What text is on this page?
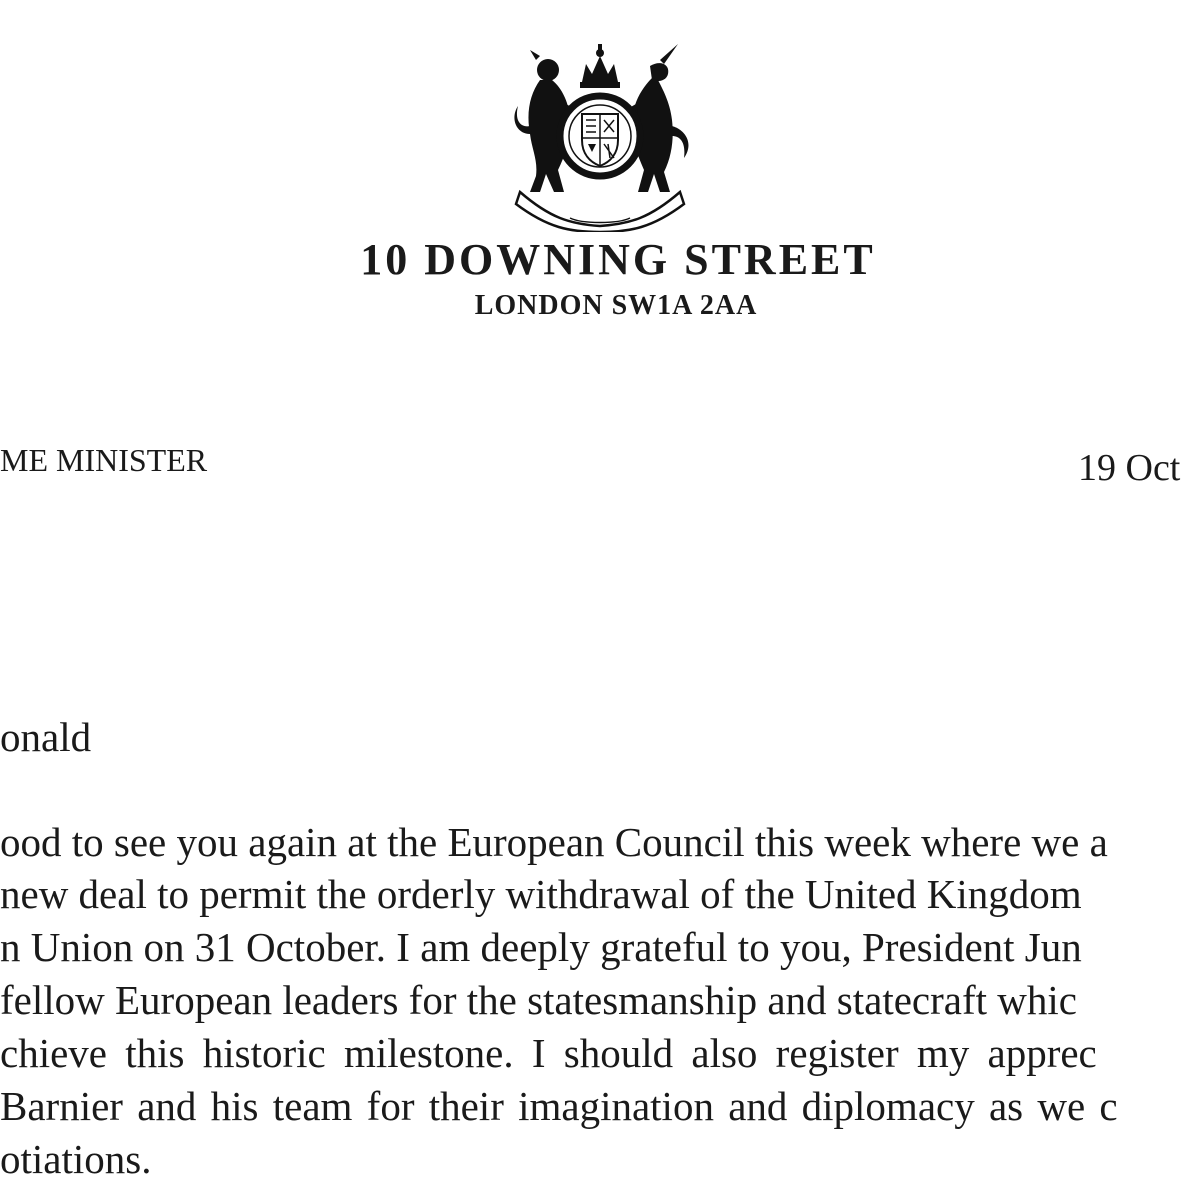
10 DOWNING STREET
LONDON SW1A 2AA
ME MINISTER	19 Oct
onald
ood to see you again at the European Council this week where we a
new deal to permit the orderly withdrawal of the United Kingdom
n Union on 31 October. I am deeply grateful to you, President Jun
fellow European leaders for the statesmanship and statecraft whic
chieve this historic milestone. I should also register my apprec
Barnier and his team for their imagination and diplomacy as we c
otiations.
